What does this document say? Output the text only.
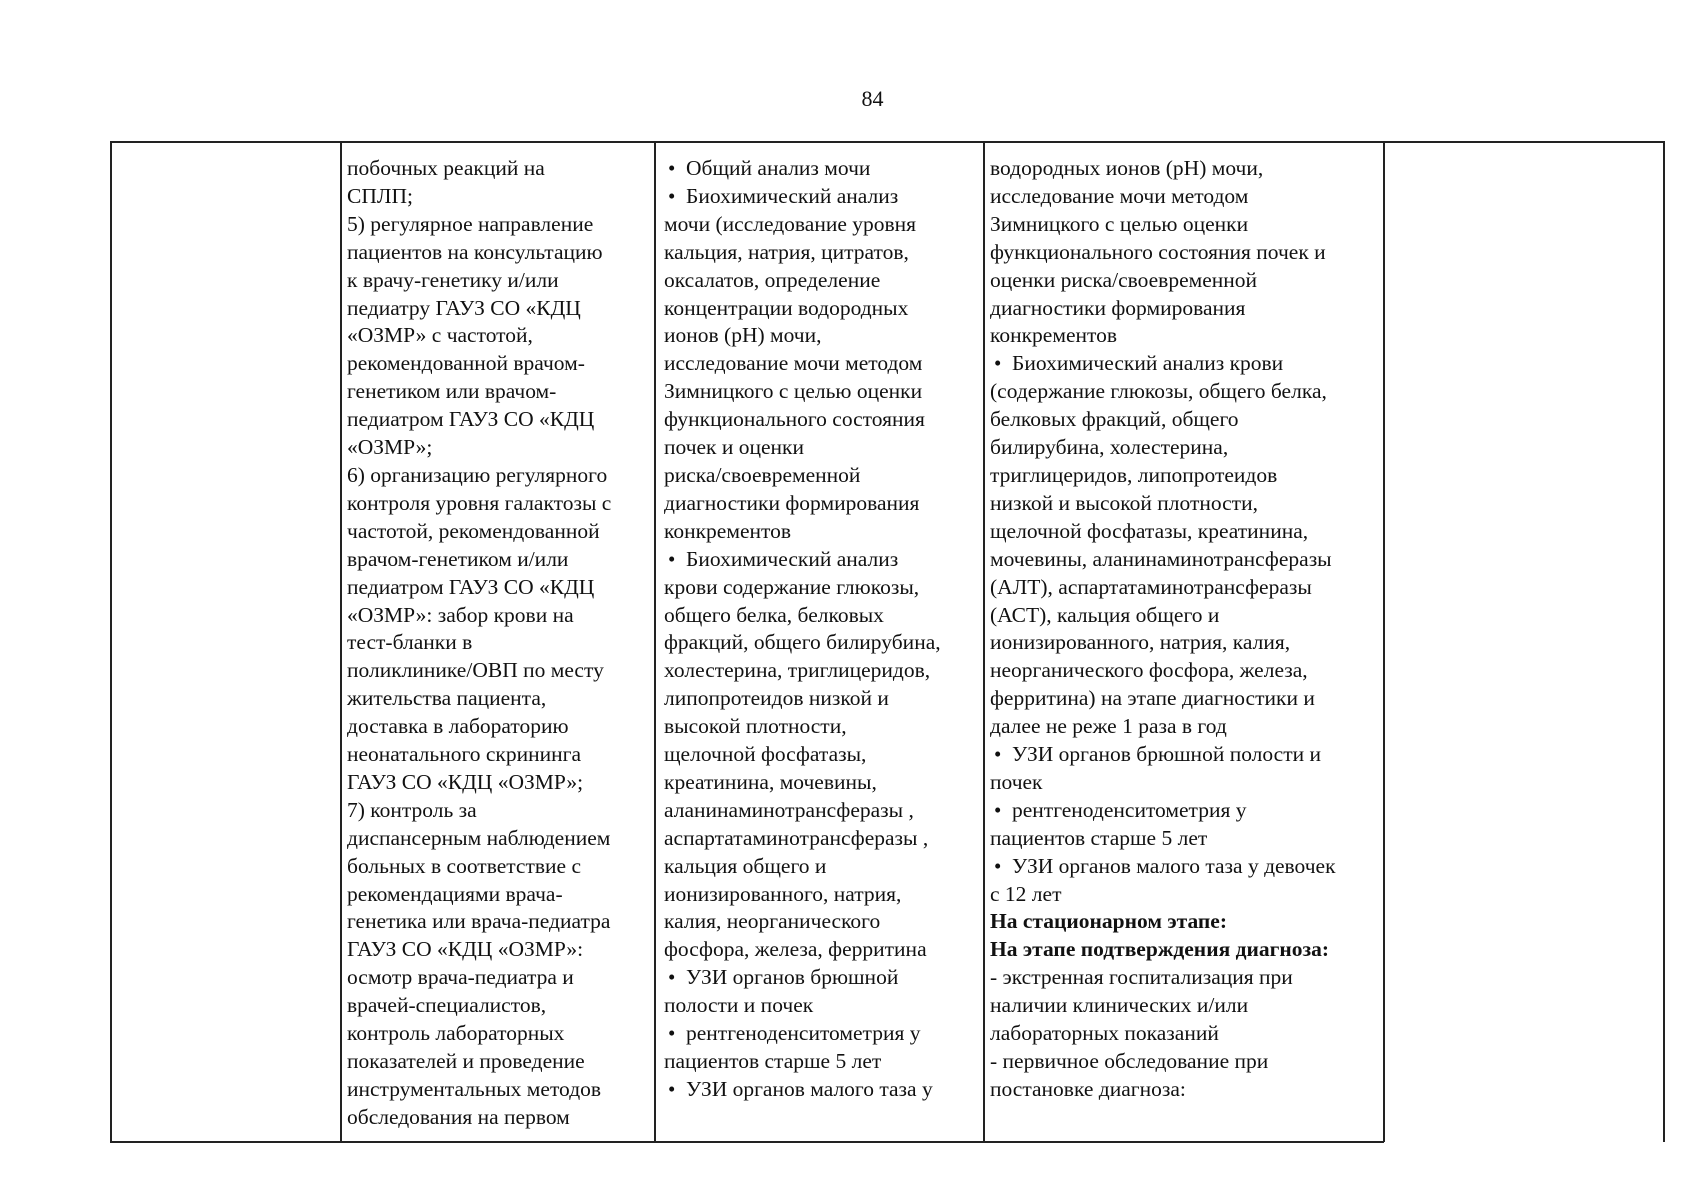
84
побочных реакций на
СПЛП;
5) регулярное направление
пациентов на консультацию
к врачу-генетику и/или
педиатру ГАУЗ СО «КДЦ
«ОЗМР» с частотой,
рекомендованной врачом-
генетиком или врачом-
педиатром ГАУЗ СО «КДЦ
«ОЗМР»;
6) организацию регулярного
контроля уровня галактозы с
частотой, рекомендованной
врачом-генетиком и/или
педиатром ГАУЗ СО «КДЦ
«ОЗМР»: забор крови на
тест-бланки в
поликлинике/ОВП по месту
жительства пациента,
доставка в лабораторию
неонатального скрининга
ГАУЗ СО «КДЦ «ОЗМР»;
7) контроль за
диспансерным наблюдением
больных в соответствие с
рекомендациями врача-
генетика или врача-педиатра
ГАУЗ СО «КДЦ «ОЗМР»:
осмотр врача-педиатра и
врачей-специалистов,
контроль лабораторных
показателей и проведение
инструментальных методов
обследования на первом
• Общий анализ мочи
• Биохимический анализ
мочи (исследование уровня
кальция, натрия, цитратов,
оксалатов, определение
концентрации водородных
ионов (pH) мочи,
исследование мочи методом
Зимницкого с целью оценки
функционального состояния
почек и оценки
риска/своевременной
диагностики формирования
конкрементов
• Биохимический анализ
крови содержание глюкозы,
общего белка, белковых
фракций, общего билирубина,
холестерина, триглицеридов,
липопротеидов низкой и
высокой плотности,
щелочной фосфатазы,
креатинина, мочевины,
аланинаминотрансферазы ,
аспартатаминотрансферазы ,
кальция общего и
ионизированного, натрия,
калия, неорганического
фосфора, железа, ферритина
• УЗИ органов брюшной
полости и почек
• рентгеноденситометрия у
пациентов старше 5 лет
• УЗИ органов малого таза у
водородных ионов (pH) мочи,
исследование мочи методом
Зимницкого с целью оценки
функционального состояния почек и
оценки риска/своевременной
диагностики формирования
конкрементов
• Биохимический анализ крови
(содержание глюкозы, общего белка,
белковых фракций, общего
билирубина, холестерина,
триглицеридов, липопротеидов
низкой и высокой плотности,
щелочной фосфатазы, креатинина,
мочевины, аланинаминотрансферазы
(АЛТ), аспартатаминотрансферазы
(АСТ), кальция общего и
ионизированного, натрия, калия,
неорганического фосфора, железа,
ферритина) на этапе диагностики и
далее не реже 1 раза в год
• УЗИ органов брюшной полости и
почек
• рентгеноденситометрия у
пациентов старше 5 лет
• УЗИ органов малого таза у девочек
с 12 лет
На стационарном этапе:
На этапе подтверждения диагноза:
- экстренная госпитализация при
наличии клинических и/или
лабораторных показаний
- первичное обследование при
постановке диагноза:
